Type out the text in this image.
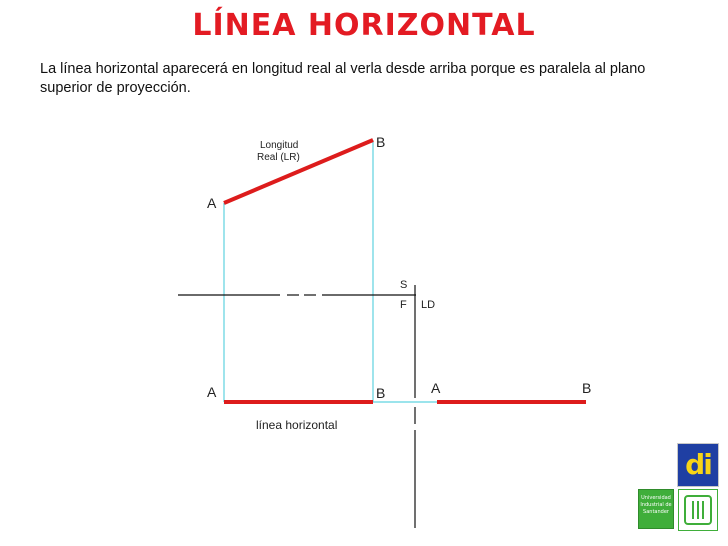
LÍNEA HORIZONTAL
La línea horizontal aparecerá en longitud real al verla desde arriba porque es paralela al plano superior de proyección.
A
B
Longitud
Real (LR)
S
F LD
A	B	A	B
línea horizontal
di
Universidad Industrial de Santander
